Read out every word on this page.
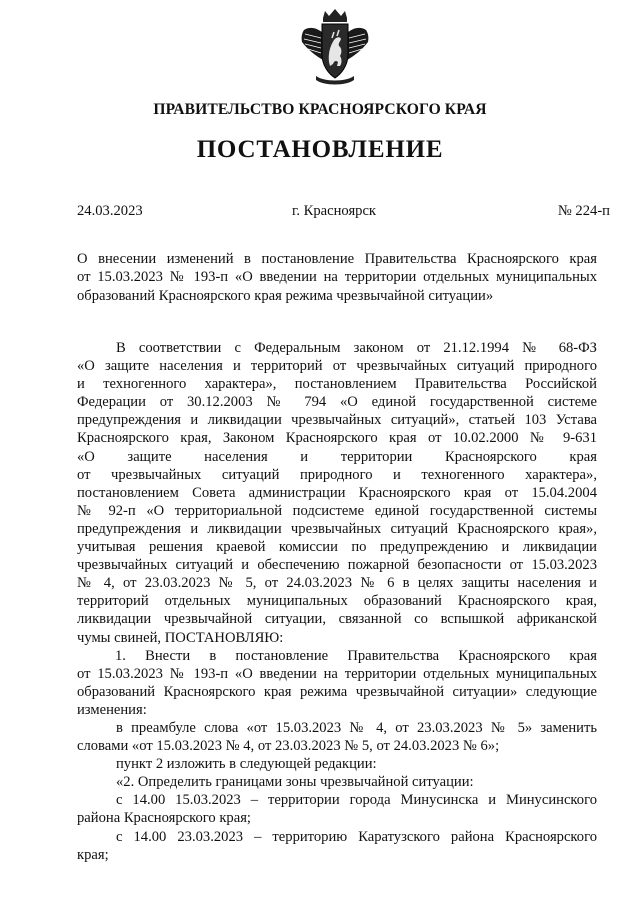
ПРАВИТЕЛЬСТВО КРАСНОЯРСКОГО КРАЯ
ПОСТАНОВЛЕНИЕ
24.03.2023	г. Красноярск	№ 224-п
О внесении изменений в постановление Правительства Красноярского края
от 15.03.2023 № 193-п «О введении на территории отдельных муниципальных
образований Красноярского края режима чрезвычайной ситуации»
В соответствии с Федеральным законом от 21.12.1994 № 68-ФЗ
«О защите населения и территорий от чрезвычайных ситуаций природного
и техногенного характера», постановлением Правительства Российской
Федерации от 30.12.2003 № 794 «О единой государственной системе
предупреждения и ликвидации чрезвычайных ситуаций», статьей 103 Устава
Красноярского края, Законом Красноярского края от 10.02.2000 № 9-631
«О защите населения и территории Красноярского края
от чрезвычайных ситуаций природного и техногенного характера»,
постановлением Совета администрации Красноярского края от 15.04.2004
№ 92-п «О территориальной подсистеме единой государственной системы
предупреждения и ликвидации чрезвычайных ситуаций Красноярского края»,
учитывая решения краевой комиссии по предупреждению и ликвидации
чрезвычайных ситуаций и обеспечению пожарной безопасности от 15.03.2023
№ 4, от 23.03.2023 № 5, от 24.03.2023 № 6 в целях защиты населения и
территорий отдельных муниципальных образований Красноярского края,
ликвидации чрезвычайной ситуации, связанной со вспышкой африканской
чумы свиней, ПОСТАНОВЛЯЮ:
1. Внести в постановление Правительства Красноярского края
от 15.03.2023 № 193-п «О введении на территории отдельных муниципальных
образований Красноярского края режима чрезвычайной ситуации» следующие
изменения:
в преамбуле слова «от 15.03.2023 № 4, от 23.03.2023 № 5» заменить
словами «от 15.03.2023 № 4, от 23.03.2023 № 5, от 24.03.2023 № 6»;
пункт 2 изложить в следующей редакции:
«2. Определить границами зоны чрезвычайной ситуации:
с 14.00 15.03.2023 – территории города Минусинска и Минусинского
района Красноярского края;
с 14.00 23.03.2023 – территорию Каратузского района Красноярского
края;
